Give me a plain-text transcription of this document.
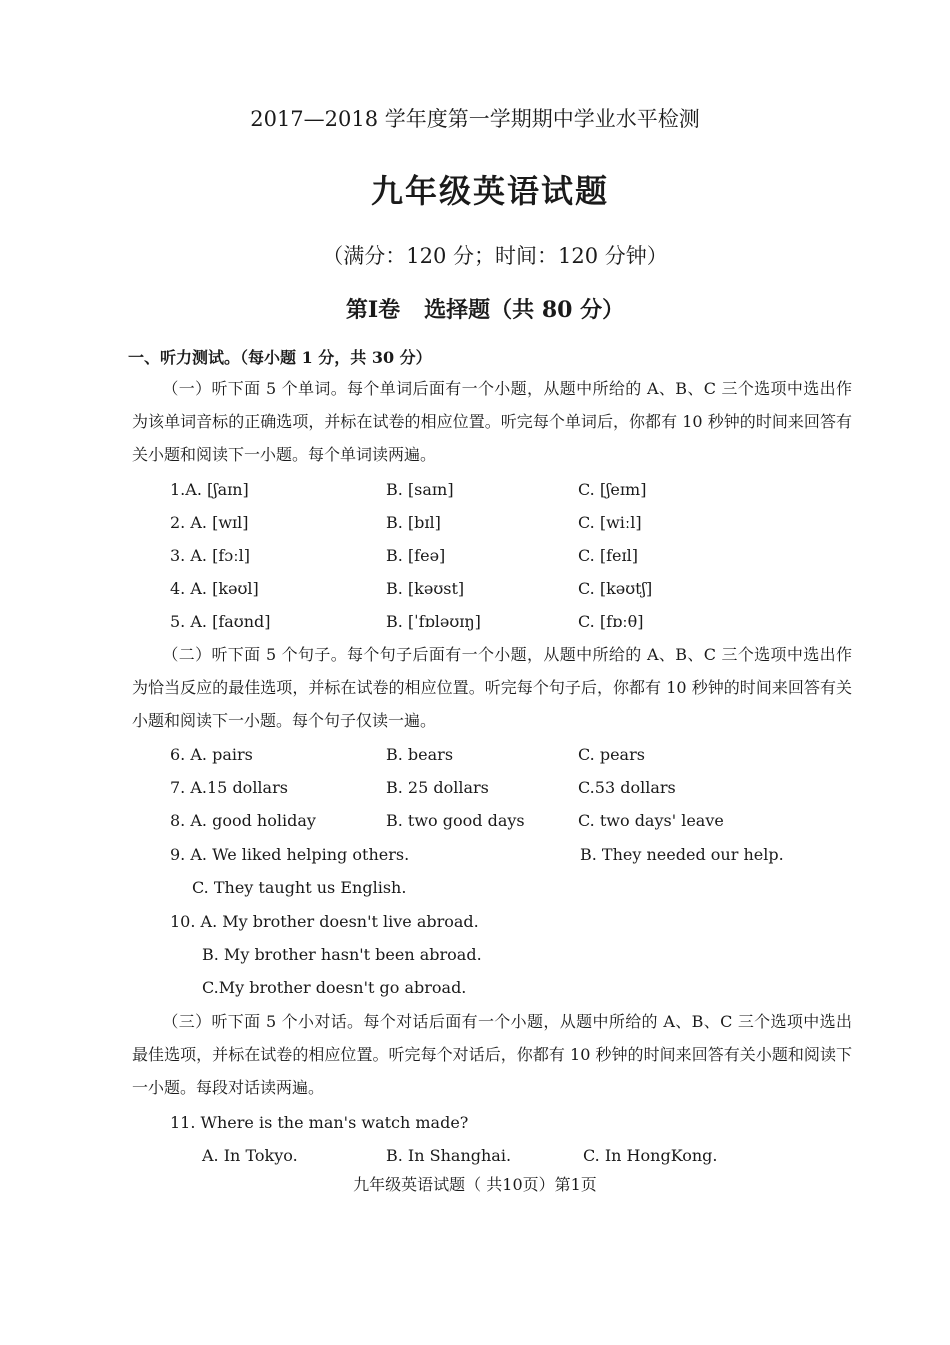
2017—2018 学年度第一学期期中学业水平检测
九年级英语试题
（满分：120 分；时间：120 分钟）
第Ⅰ卷 选择题（共 80 分）
一、听力测试。（每小题 1 分，共 30 分）
（一）听下面 5 个单词。每个单词后面有一个小题，从题中所给的 A、B、C 三个选项中选出作为该单词音标的正确选项，并标在试卷的相应位置。听完每个单词后，你都有 10 秒钟的时间来回答有关小题和阅读下一小题。每个单词读两遍。
1.A. [ʃaɪn]	B. [saɪn]	C. [ʃeɪm]
2. A. [wɪl]	B. [bɪl]	C. [wiːl]
3. A. [fɔːl]	B. [feə]	C. [feɪl]
4. A. [kəʊl]	B. [kəʊst]	C. [kəʊtʃ]
5. A. [faʊnd]	B. [ˈfɒləʊɪŋ]	C. [fɒːθ]
（二）听下面 5 个句子。每个句子后面有一个小题，从题中所给的 A、B、C 三个选项中选出作为恰当反应的最佳选项，并标在试卷的相应位置。听完每个句子后，你都有 10 秒钟的时间来回答有关小题和阅读下一小题。每个句子仅读一遍。
6. A. pairs	B. bears	C. pears
7. A.15 dollars	B. 25 dollars	C.53 dollars
8. A. good holiday	B. two good days	C. two days' leave
9. A. We liked helping others.	B. They needed our help.
C. They taught us English.
10. A. My brother doesn't live abroad.
B. My brother hasn't been abroad.
C.My brother doesn't go abroad.
（三）听下面 5 个小对话。每个对话后面有一个小题，从题中所给的 A、B、C 三个选项中选出最佳选项，并标在试卷的相应位置。听完每个对话后，你都有 10 秒钟的时间来回答有关小题和阅读下一小题。每段对话读两遍。
11. Where is the man's watch made?
A. In Tokyo.	B. In Shanghai.	C. In HongKong.
九年级英语试题（ 共10页）第1页
